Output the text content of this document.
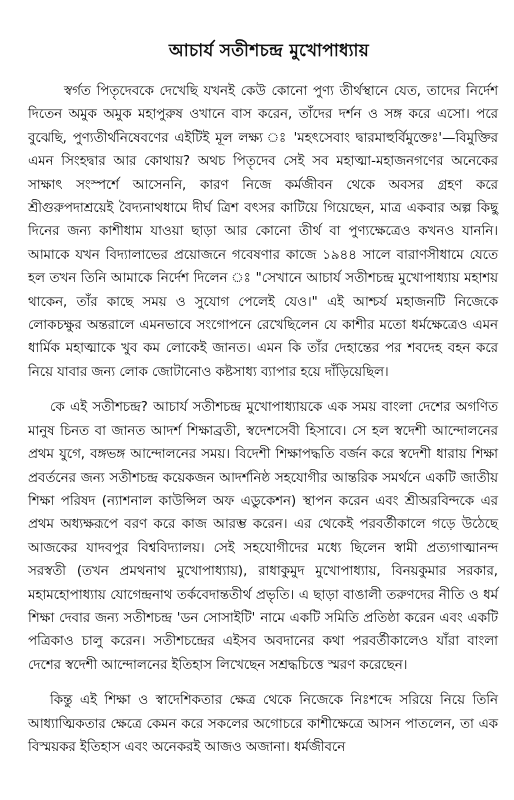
আচার্য সতীশচন্দ্র মুখোপাধ্যায়

স্বর্গত পিতৃদেবকে দেখেছি যখনই কেউ কোনো পুণ্য তীর্থস্থানে যেত, তাদের নির্দেশ দিতেন অমুক অমুক মহাপুরুষ ওখানে বাস করেন, তাঁদের দর্শন ও সঙ্গ করে এসো। পরে বুঝেছি, পুণ্যতীর্থনিষেবণের এইটিই মূল লক্ষ্য ঃ 'মহৎসেবাং দ্বারমাহুর্বিমুক্তেঃ'—বিমুক্তির এমন সিংহদ্বার আর কোথায়? অথচ পিতৃদেব সেই সব মহাত্মা-মহাজনগণের অনেকের সাক্ষাৎ সংস্পর্শে আসেননি, কারণ নিজে কর্মজীবন থেকে অবসর গ্রহণ করে শ্রীগুরুপদাশ্রয়েই বৈদ্যনাথধামে দীর্ঘ ত্রিশ বৎসর কাটিয়ে গিয়েছেন, মাত্র একবার অল্প কিছু দিনের জন্য কাশীধাম যাওয়া ছাড়া আর কোনো তীর্থ বা পুণ্যক্ষেত্রেও কখনও যাননি। আমাকে যখন বিদ্যালাভের প্রয়োজনে গবেষণার কাজে ১৯৪৪ সালে বারাণসীধামে যেতে হল তখন তিনি আমাকে নির্দেশ দিলেন ঃ "সেখানে আচার্য সতীশচন্দ্র মুখোপাধ্যায় মহাশয় থাকেন, তাঁর কাছে সময় ও সুযোগ পেলেই যেও।" এই আশ্চর্য মহাজনটি নিজেকে লোকচক্ষুর অন্তরালে এমনভাবে সংগোপনে রেখেছিলেন যে কাশীর মতো ধর্মক্ষেত্রেও এমন ধার্মিক মহাত্মাকে খুব কম লোকেই জানত। এমন কি তাঁর দেহান্তের পর শবদেহ বহন করে নিয়ে যাবার জন্য লোক জোটানোও কষ্টসাধ্য ব্যাপার হয়ে দাঁড়িয়েছিল।

কে এই সতীশচন্দ্র? আচার্য সতীশচন্দ্র মুখোপাধ্যায়কে এক সময় বাংলা দেশের অগণিত মানুষ চিনত বা জানত আদর্শ শিক্ষাব্রতী, স্বদেশসেবী হিসাবে। সে হল স্বদেশী আন্দোলনের প্রথম যুগে, বঙ্গভঙ্গ আন্দোলনের সময়। বিদেশী শিক্ষাপদ্ধতি বর্জন করে স্বদেশী ধারায় শিক্ষা প্রবর্তনের জন্য সতীশচন্দ্র কয়েকজন আদর্শনিষ্ঠ সহযোগীর আন্তরিক সমর্থনে একটি জাতীয় শিক্ষা পরিষদ (ন্যাশনাল কাউন্সিল অফ এডুকেশন) স্থাপন করেন এবং শ্রীঅরবিন্দকে এর প্রথম অধ্যক্ষরূপে বরণ করে কাজ আরম্ভ করেন। এর থেকেই পরবর্তীকালে গড়ে উঠেছে আজকের যাদবপুর বিশ্ববিদ্যালয়। সেই সহযোগীদের মধ্যে ছিলেন স্বামী প্রত্যগাত্মানন্দ সরস্বতী (তখন প্রমথনাথ মুখোপাধ্যায়), রাধাকুমুদ মুখোপাধ্যায়, বিনয়কুমার সরকার, মহামহোপাধ্যায় যোগেন্দ্রনাথ তর্কবেদান্ততীর্থ প্রভৃতি। এ ছাড়া বাঙালী তরুণদের নীতি ও ধর্ম শিক্ষা দেবার জন্য সতীশচন্দ্র 'ডন সোসাইটি' নামে একটি সমিতি প্রতিষ্ঠা করেন এবং একটি পত্রিকাও চালু করেন। সতীশচন্দ্রের এইসব অবদানের কথা পরবর্তীকালেও যাঁরা বাংলা দেশের স্বদেশী আন্দোলনের ইতিহাস লিখেছেন সশ্রদ্ধচিত্তে স্মরণ করেছেন।

কিন্তু এই শিক্ষা ও স্বাদেশিকতার ক্ষেত্র থেকে নিজেকে নিঃশব্দে সরিয়ে নিয়ে তিনি আধ্যাত্মিকতার ক্ষেত্রে কেমন করে সকলের অগোচরে কাশীক্ষেত্রে আসন পাতলেন, তা এক বিস্ময়কর ইতিহাস এবং অনেকরই আজও অজানা। ধর্মজীবনে
